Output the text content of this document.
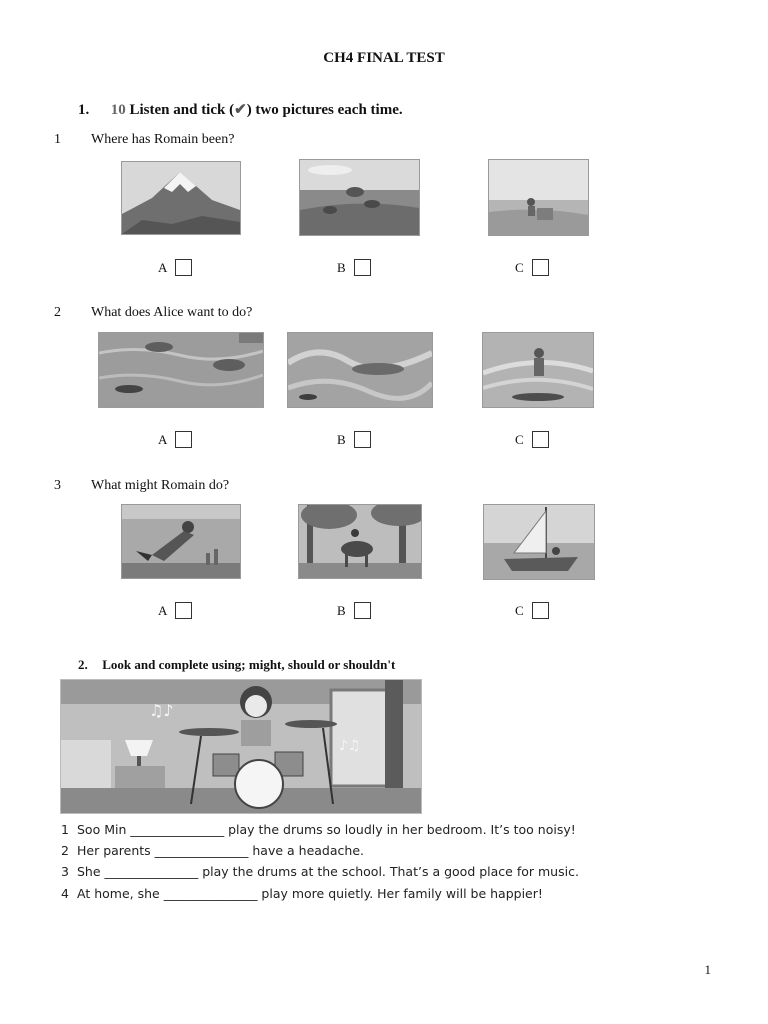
CH4 FINAL TEST
1. 10 Listen and tick (✔) two pictures each time.
1 Where has Romain been?
A	B	C
2 What does Alice want to do?
A	B	C
3 What might Romain do?
A	B	C
2. Look and complete using; might, should or shouldn't
♫♪
♪♫
1 Soo Min _______________ play the drums so loudly in her bedroom. It’s too noisy!
2 Her parents _______________ have a headache.
3 She _______________ play the drums at the school. That’s a good place for music.
4 At home, she _______________ play more quietly. Her family will be happier!
1
